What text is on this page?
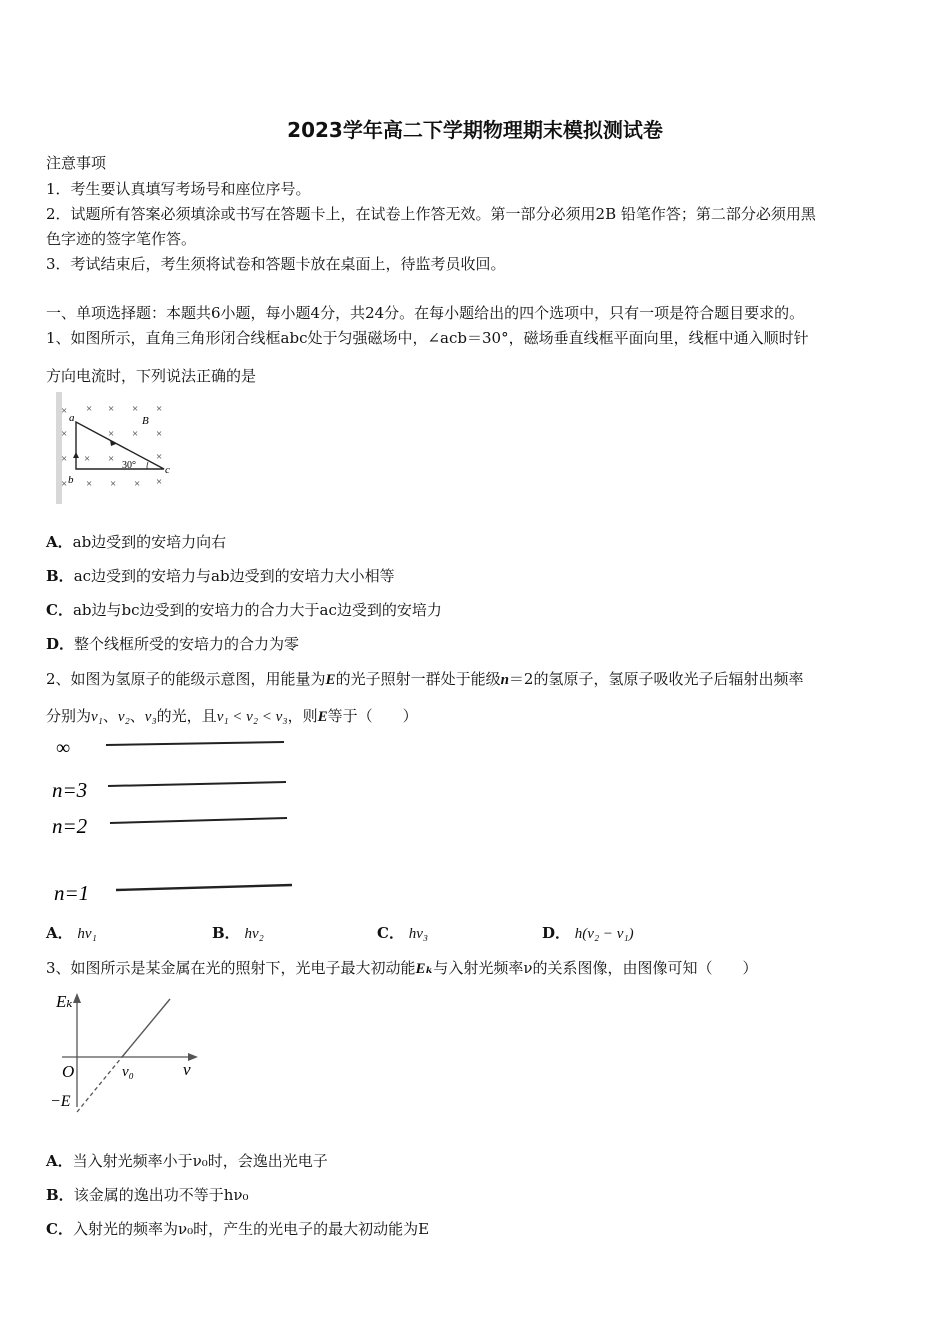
2023学年高二下学期物理期末模拟测试卷
注意事项
1．考生要认真填写考场号和座位序号。
2．试题所有答案必须填涂或书写在答题卡上，在试卷上作答无效。第一部分必须用2B 铅笔作答；第二部分必须用黑
色字迹的签字笔作答。
3．考试结束后，考生须将试卷和答题卡放在桌面上，待监考员收回。
一、单项选择题：本题共6小题，每小题4分，共24分。在每小题给出的四个选项中，只有一项是符合题目要求的。
1、如图所示，直角三角形闭合线框abc处于匀强磁场中，∠acb＝30°，磁场垂直线框平面向里，线框中通入顺时针
方向电流时，下列说法正确的是
× × × × ×
×	× × ×
× × ×	×
× × × × ×
30°
a
b
c
B
A．ab边受到的安培力向右
B．ac边受到的安培力与ab边受到的安培力大小相等
C．ab边与bc边受到的安培力的合力大于ac边受到的安培力
D．整个线框所受的安培力的合力为零
2、如图为氢原子的能级示意图，用能量为E的光子照射一群处于能级n＝2的氢原子，氢原子吸收光子后辐射出频率
分别为ν₁、ν₂、ν₃的光，且ν₁ < ν₂ < ν₃，则E等于（　　）
∞
n=3
n=2
n=1
A． hν₁	B． hν₂	C． hν₃	D． h(ν₂ − ν₁)
3、如图所示是某金属在光的照射下，光电子最大初动能Eₖ与入射光频率ν的关系图像，由图像可知（　　）
Eₖ
ν
O	ν₀
−E
A．当入射光频率小于ν₀时，会逸出光电子
B．该金属的逸出功不等于hν₀
C．入射光的频率为ν₀时，产生的光电子的最大初动能为E
